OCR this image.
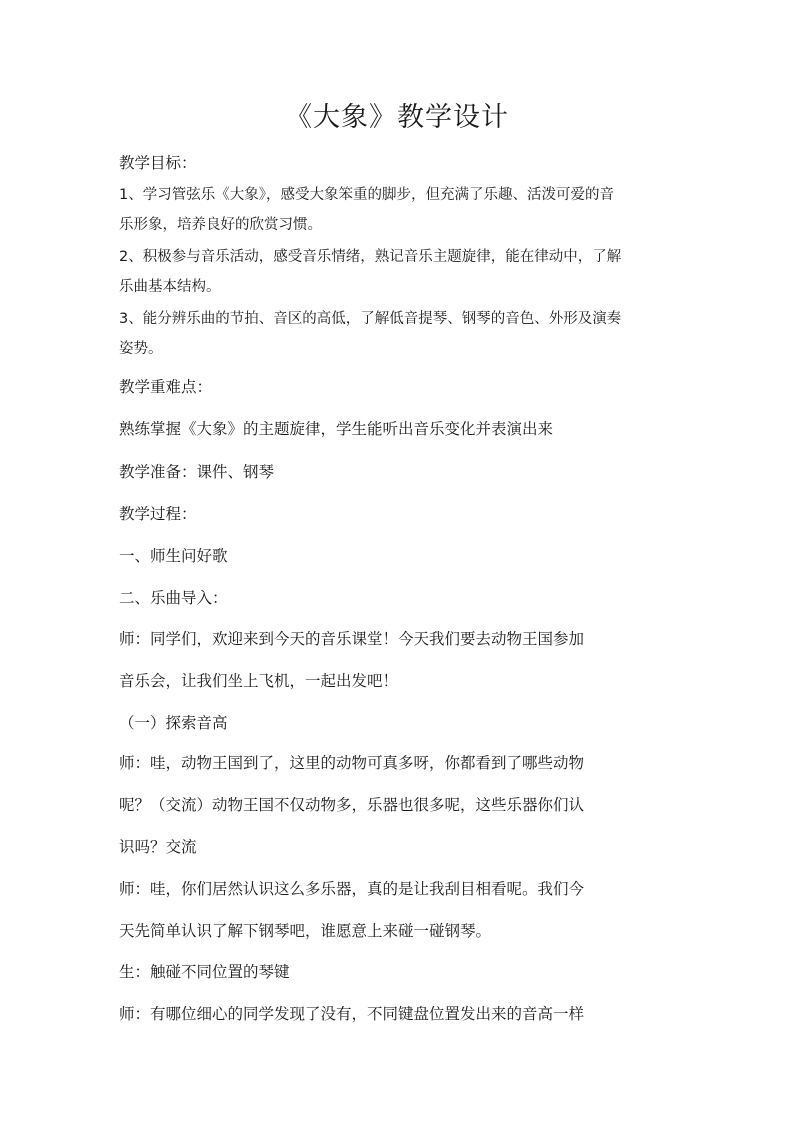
《大象》教学设计

教学目标：

1、学习管弦乐《大象》，感受大象笨重的脚步，但充满了乐趣、活泼可爱的音

乐形象，培养良好的欣赏习惯。

2、积极参与音乐活动，感受音乐情绪，熟记音乐主题旋律，能在律动中，了解

乐曲基本结构。

3、能分辨乐曲的节拍、音区的高低，了解低音提琴、钢琴的音色、外形及演奏

姿势。

教学重难点：

熟练掌握《大象》的主题旋律，学生能听出音乐变化并表演出来

教学准备：课件、钢琴

教学过程：

一、师生问好歌

二、乐曲导入：

师：同学们，欢迎来到今天的音乐课堂！今天我们要去动物王国参加

音乐会，让我们坐上飞机，一起出发吧！

（一）探索音高

师：哇，动物王国到了，这里的动物可真多呀，你都看到了哪些动物

呢？（交流）动物王国不仅动物多，乐器也很多呢，这些乐器你们认

识吗？交流

师：哇，你们居然认识这么多乐器，真的是让我刮目相看呢。我们今

天先简单认识了解下钢琴吧，谁愿意上来碰一碰钢琴。

生：触碰不同位置的琴键

师：有哪位细心的同学发现了没有，不同键盘位置发出来的音高一样
